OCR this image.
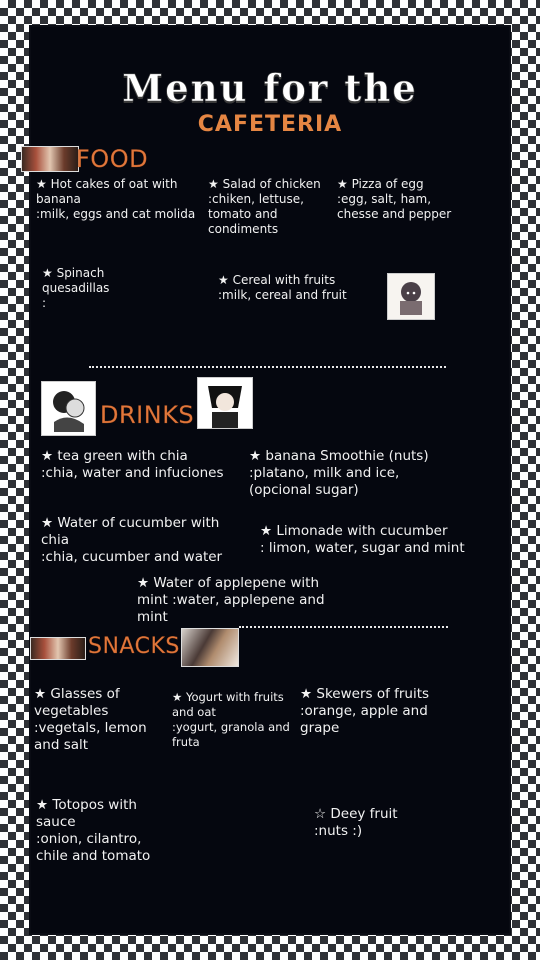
Menu for the
CAFETERIA
FOOD
★ Hot cakes of oat with banana
:milk, eggs and cat molida
★ Salad of chicken
:chiken, lettuse, tomato and condiments
★ Pizza of egg
:egg, salt, ham, chesse and pepper
★ Spinach quesadillas
:
★ Cereal with fruits
:milk, cereal and fruit
DRINKS
★ tea green with chia
:chia, water and infuciones
★ banana Smoothie (nuts)
:platano, milk and ice, (opcional sugar)
★ Water of cucumber with chia
:chia, cucumber and water
★ Limonade with cucumber
: limon, water, sugar and mint
★ Water of applepene with mint :water, applepene and mint
SNACKS
★ Glasses of vegetables
:vegetals, lemon and salt
★ Yogurt with fruits and oat
:yogurt, granola and fruta
★ Skewers of fruits
:orange, apple and grape
★ Totopos with sauce
:onion, cilantro, chile and tomato
☆ Deey fruit
:nuts :)
